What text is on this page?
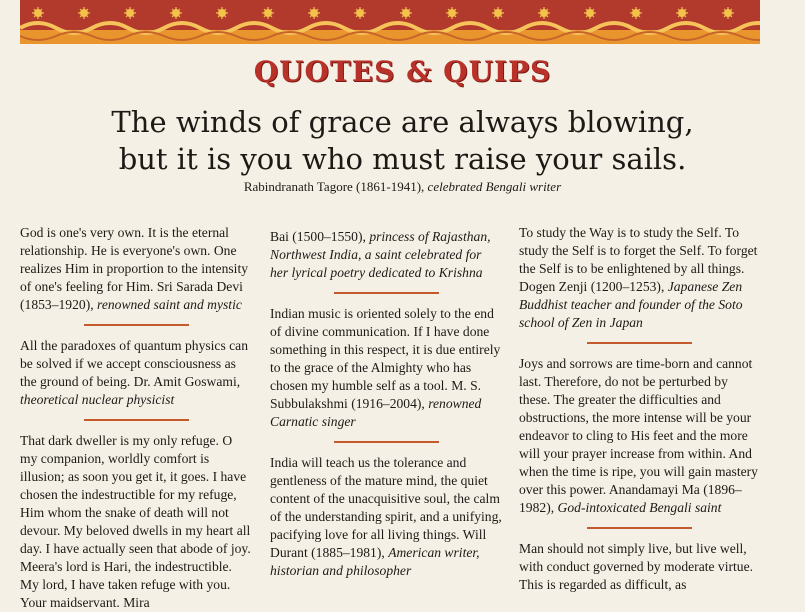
QUOTES & QUIPS
The winds of grace are always blowing,
but it is you who must raise your sails.
Rabindranath Tagore (1861-1941), celebrated Bengali writer

God is one's very own. It is the eternal relationship. He is everyone's own. One realizes Him in proportion to the intensity of one's feeling for Him. Sri Sarada Devi (1853–1920), renowned saint and mystic

All the paradoxes of quantum physics can be solved if we accept consciousness as the ground of being. Dr. Amit Goswami, theoretical nuclear physicist

That dark dweller is my only refuge. O my companion, worldly comfort is illusion; as soon you get it, it goes. I have chosen the indestructible for my refuge, Him whom the snake of death will not devour. My beloved dwells in my heart all day. I have actually seen that abode of joy. Meera's lord is Hari, the indestructible. My lord, I have taken refuge with you. Your maidservant. Mira

Bai (1500–1550), princess of Rajasthan, Northwest India, a saint celebrated for her lyrical poetry dedicated to Krishna

Indian music is oriented solely to the end of divine communication. If I have done something in this respect, it is due entirely to the grace of the Almighty who has chosen my humble self as a tool. M. S. Subbulakshmi (1916–2004), renowned Carnatic singer

India will teach us the tolerance and gentleness of the mature mind, the quiet content of the unacquisitive soul, the calm of the understanding spirit, and a unifying, pacifying love for all living things. Will Durant (1885–1981), American writer, historian and philosopher

To study the Way is to study the Self. To study the Self is to forget the Self. To forget the Self is to be enlightened by all things. Dogen Zenji (1200–1253), Japanese Zen Buddhist teacher and founder of the Soto school of Zen in Japan

Joys and sorrows are time-born and cannot last. Therefore, do not be perturbed by these. The greater the difficulties and obstructions, the more intense will be your endeavor to cling to His feet and the more will your prayer increase from within. And when the time is ripe, you will gain mastery over this power. Anandamayi Ma (1896–1982), God-intoxicated Bengali saint

Man should not simply live, but live well, with conduct governed by moderate virtue. This is regarded as difficult, as
